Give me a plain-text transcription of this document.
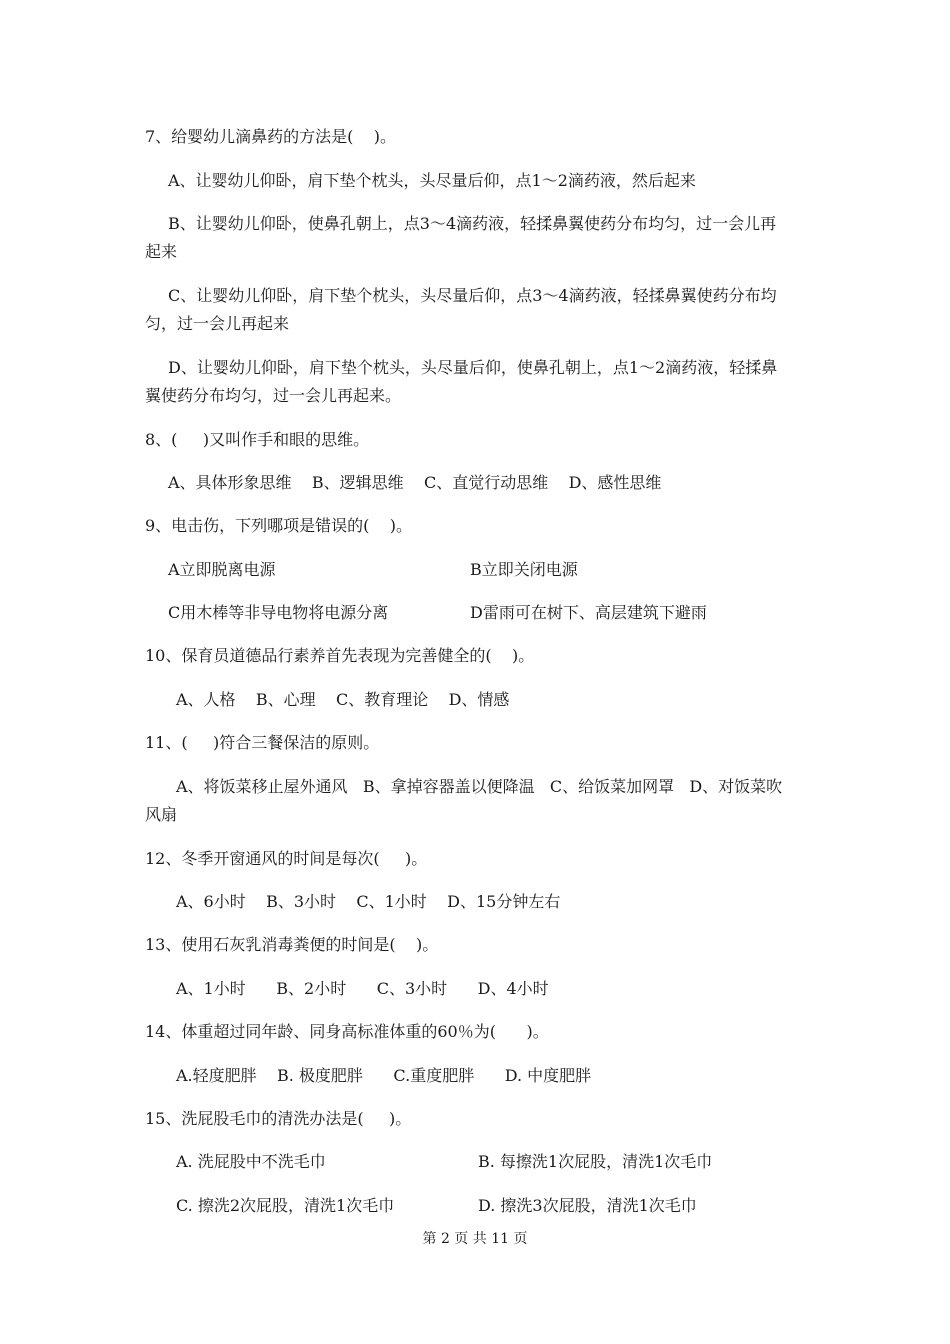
7、给婴幼儿滴鼻药的方法是(    )。
A、让婴幼儿仰卧，肩下垫个枕头，头尽量后仰，点1～2滴药液，然后起来
B、让婴幼儿仰卧，使鼻孔朝上，点3～4滴药液，轻揉鼻翼使药分布均匀，过一会儿再
起来
C、让婴幼儿仰卧，肩下垫个枕头，头尽量后仰，点3～4滴药液，轻揉鼻翼使药分布均
匀，过一会儿再起来
D、让婴幼儿仰卧，肩下垫个枕头，头尽量后仰，使鼻孔朝上，点1～2滴药液，轻揉鼻
翼使药分布均匀，过一会儿再起来。
8、(     )又叫作手和眼的思维。
A、具体形象思维    B、逻辑思维    C、直觉行动思维    D、感性思维
9、电击伤，下列哪项是错误的(    )。
A立即脱离电源	B立即关闭电源
C用木棒等非导电物将电源分离	D雷雨可在树下、高层建筑下避雨
10、保育员道德品行素养首先表现为完善健全的(    )。
A、人格    B、心理    C、教育理论    D、情感
11、(     )符合三餐保洁的原则。
A、将饭菜移止屋外通风   B、拿掉容器盖以便降温   C、给饭菜加网罩   D、对饭菜吹
风扇
12、冬季开窗通风的时间是每次(     )。
A、6小时    B、3小时    C、1小时    D、15分钟左右
13、使用石灰乳消毒粪便的时间是(    )。
A、1小时      B、2小时      C、3小时      D、4小时
14、体重超过同年龄、同身高标准体重的60％为(      )。
A.轻度肥胖    B. 极度肥胖      C.重度肥胖      D. 中度肥胖
15、洗屁股毛巾的清洗办法是(     )。
A. 洗屁股中不洗毛巾	B. 每擦洗1次屁股，清洗1次毛巾
C. 擦洗2次屁股，清洗1次毛巾	D. 擦洗3次屁股，清洗1次毛巾
第 2 页 共 11 页
